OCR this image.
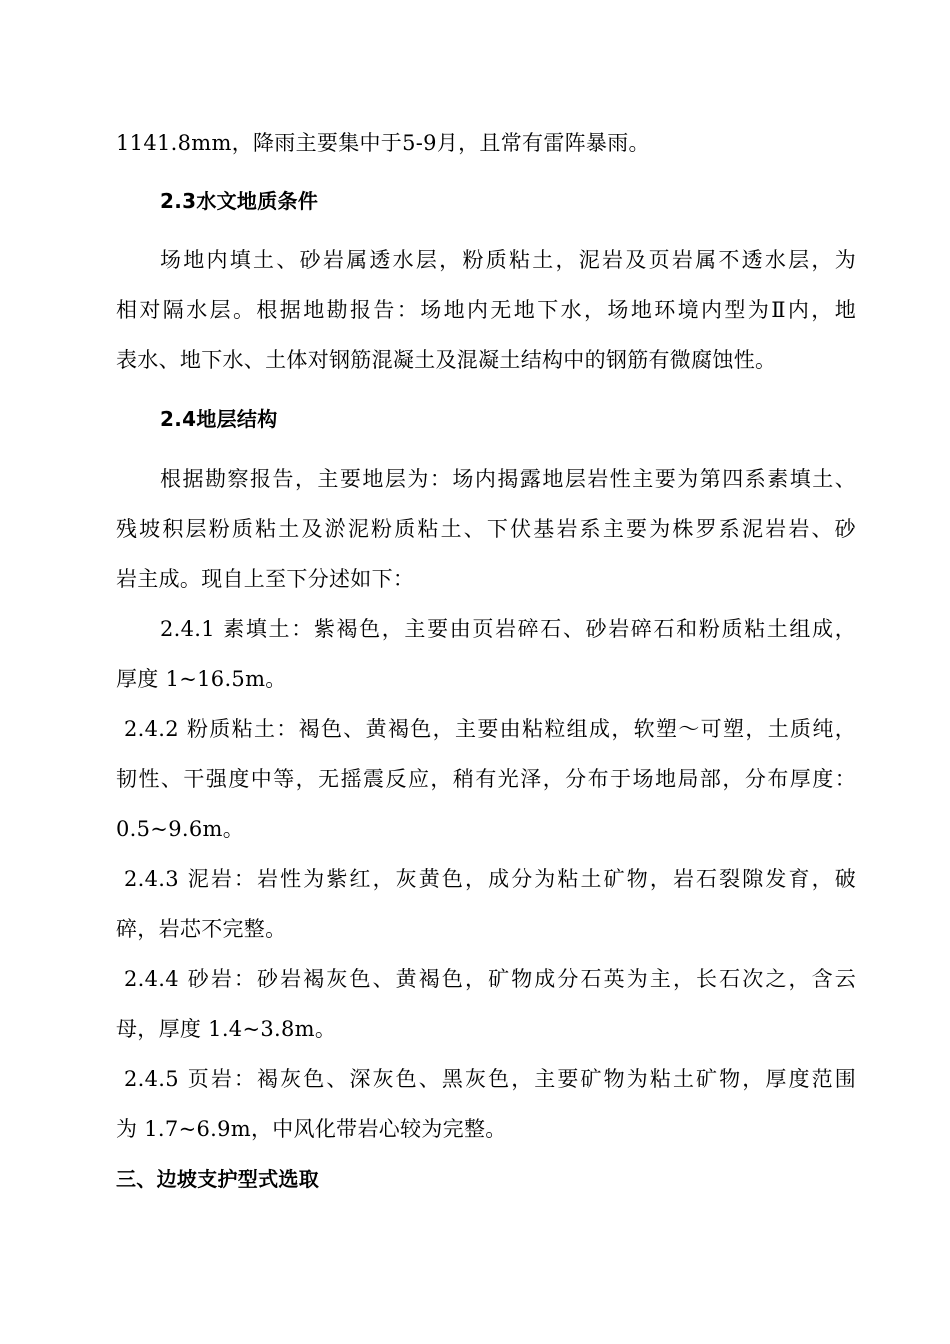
1141.8mm，降雨主要集中于5-9月，且常有雷阵暴雨。
2.3水文地质条件
场地内填土、砂岩属透水层，粉质粘土，泥岩及页岩属不透水层，为
相对隔水层。根据地勘报告：场地内无地下水，场地环境内型为Ⅱ内，地
表水、地下水、土体对钢筋混凝土及混凝土结构中的钢筋有微腐蚀性。
2.4地层结构
根据勘察报告，主要地层为：场内揭露地层岩性主要为第四系素填土、
残坡积层粉质粘土及淤泥粉质粘土、下伏基岩系主要为株罗系泥岩岩、砂
岩主成。现自上至下分述如下：
2.4.1 素填土：紫褐色，主要由页岩碎石、砂岩碎石和粉质粘土组成，
厚度 1~16.5m。
2.4.2 粉质粘土：褐色、黄褐色，主要由粘粒组成，软塑～可塑，土质纯，
韧性、干强度中等，无摇震反应，稍有光泽，分布于场地局部，分布厚度：
0.5~9.6m。
2.4.3 泥岩：岩性为紫红，灰黄色，成分为粘土矿物，岩石裂隙发育，破
碎，岩芯不完整。
2.4.4 砂岩：砂岩褐灰色、黄褐色，矿物成分石英为主，长石次之，含云
母，厚度 1.4~3.8m。
2.4.5 页岩：褐灰色、深灰色、黑灰色，主要矿物为粘土矿物，厚度范围
为 1.7~6.9m，中风化带岩心较为完整。
三、边坡支护型式选取
